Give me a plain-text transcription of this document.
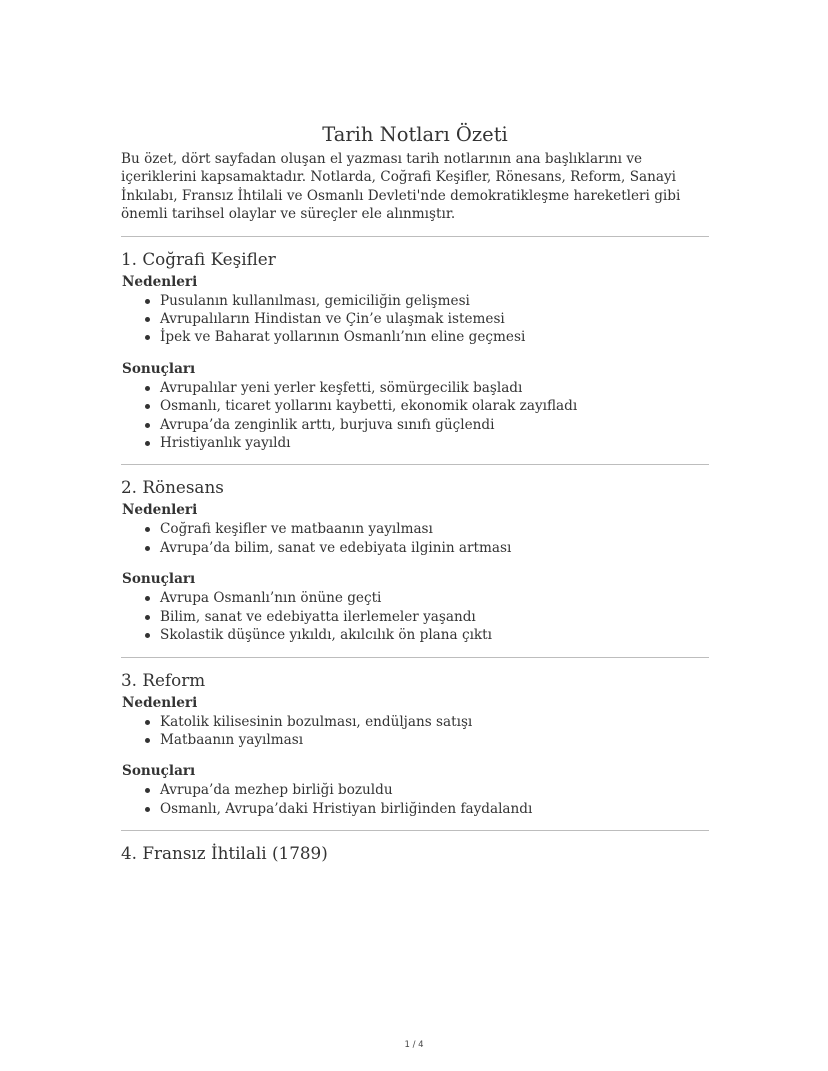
Tarih Notları Özeti

Bu özet, dört sayfadan oluşan el yazması tarih notlarının ana başlıklarını ve içeriklerini kapsamaktadır. Notlarda, Coğrafi Keşifler, Rönesans, Reform, Sanayi İnkılabı, Fransız İhtilali ve Osmanlı Devleti'nde demokratikleşme hareketleri gibi önemli tarihsel olaylar ve süreçler ele alınmıştır.

1. Coğrafi Keşifler
Nedenleri
Pusulanın kullanılması, gemiciliğin gelişmesi
Avrupalıların Hindistan ve Çin’e ulaşmak istemesi
İpek ve Baharat yollarının Osmanlı’nın eline geçmesi
Sonuçları
Avrupalılar yeni yerler keşfetti, sömürgecilik başladı
Osmanlı, ticaret yollarını kaybetti, ekonomik olarak zayıfladı
Avrupa’da zenginlik arttı, burjuva sınıfı güçlendi
Hristiyanlık yayıldı
2. Rönesans
Nedenleri
Coğrafi keşifler ve matbaanın yayılması
Avrupa’da bilim, sanat ve edebiyata ilginin artması
Sonuçları
Avrupa Osmanlı’nın önüne geçti
Bilim, sanat ve edebiyatta ilerlemeler yaşandı
Skolastik düşünce yıkıldı, akılcılık ön plana çıktı
3. Reform
Nedenleri
Katolik kilisesinin bozulması, endüljans satışı
Matbaanın yayılması
Sonuçları
Avrupa’da mezhep birliği bozuldu
Osmanlı, Avrupa’daki Hristiyan birliğinden faydalandı
4. Fransız İhtilali (1789)
1 / 4
